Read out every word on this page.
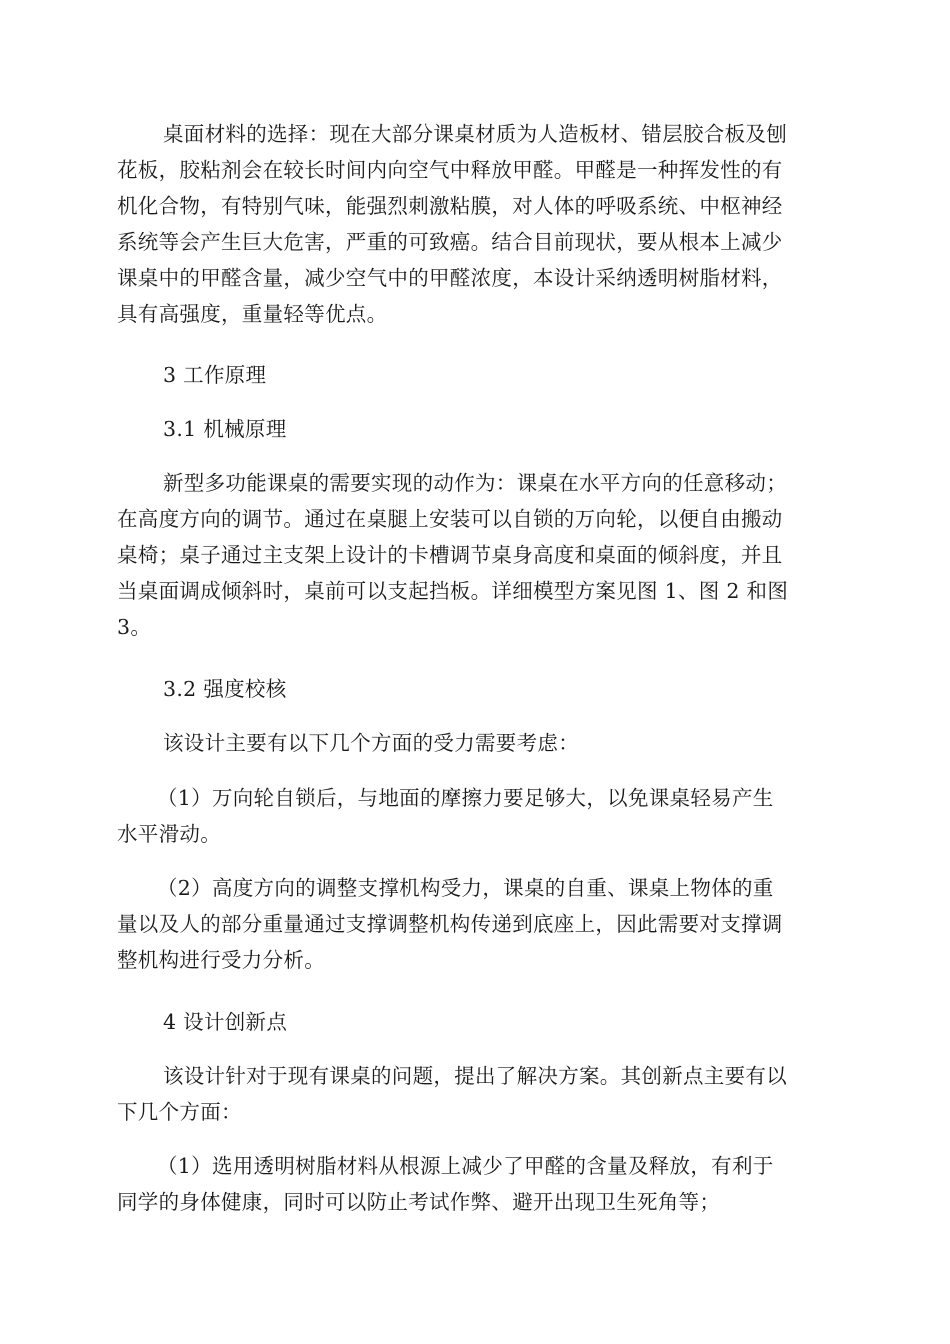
桌面材料的选择：现在大部分课桌材质为人造板材、错层胶合板及刨
花板，胶粘剂会在较长时间内向空气中释放甲醛。甲醛是一种挥发性的有
机化合物，有特别气味，能强烈刺激粘膜，对人体的呼吸系统、中枢神经
系统等会产生巨大危害，严重的可致癌。结合目前现状，要从根本上减少
课桌中的甲醛含量，减少空气中的甲醛浓度，本设计采纳透明树脂材料，
具有高强度，重量轻等优点。
3 工作原理
3.1 机械原理
新型多功能课桌的需要实现的动作为：课桌在水平方向的任意移动；
在高度方向的调节。通过在桌腿上安装可以自锁的万向轮，以便自由搬动
桌椅；桌子通过主支架上设计的卡槽调节桌身高度和桌面的倾斜度，并且
当桌面调成倾斜时，桌前可以支起挡板。详细模型方案见图 1、图 2 和图
3。
3.2 强度校核
该设计主要有以下几个方面的受力需要考虑：
（1）万向轮自锁后，与地面的摩擦力要足够大，以免课桌轻易产生
水平滑动。
（2）高度方向的调整支撑机构受力，课桌的自重、课桌上物体的重
量以及人的部分重量通过支撑调整机构传递到底座上，因此需要对支撑调
整机构进行受力分析。
4 设计创新点
该设计针对于现有课桌的问题，提出了解决方案。其创新点主要有以
下几个方面：
（1）选用透明树脂材料从根源上减少了甲醛的含量及释放，有利于
同学的身体健康，同时可以防止考试作弊、避开出现卫生死角等；
